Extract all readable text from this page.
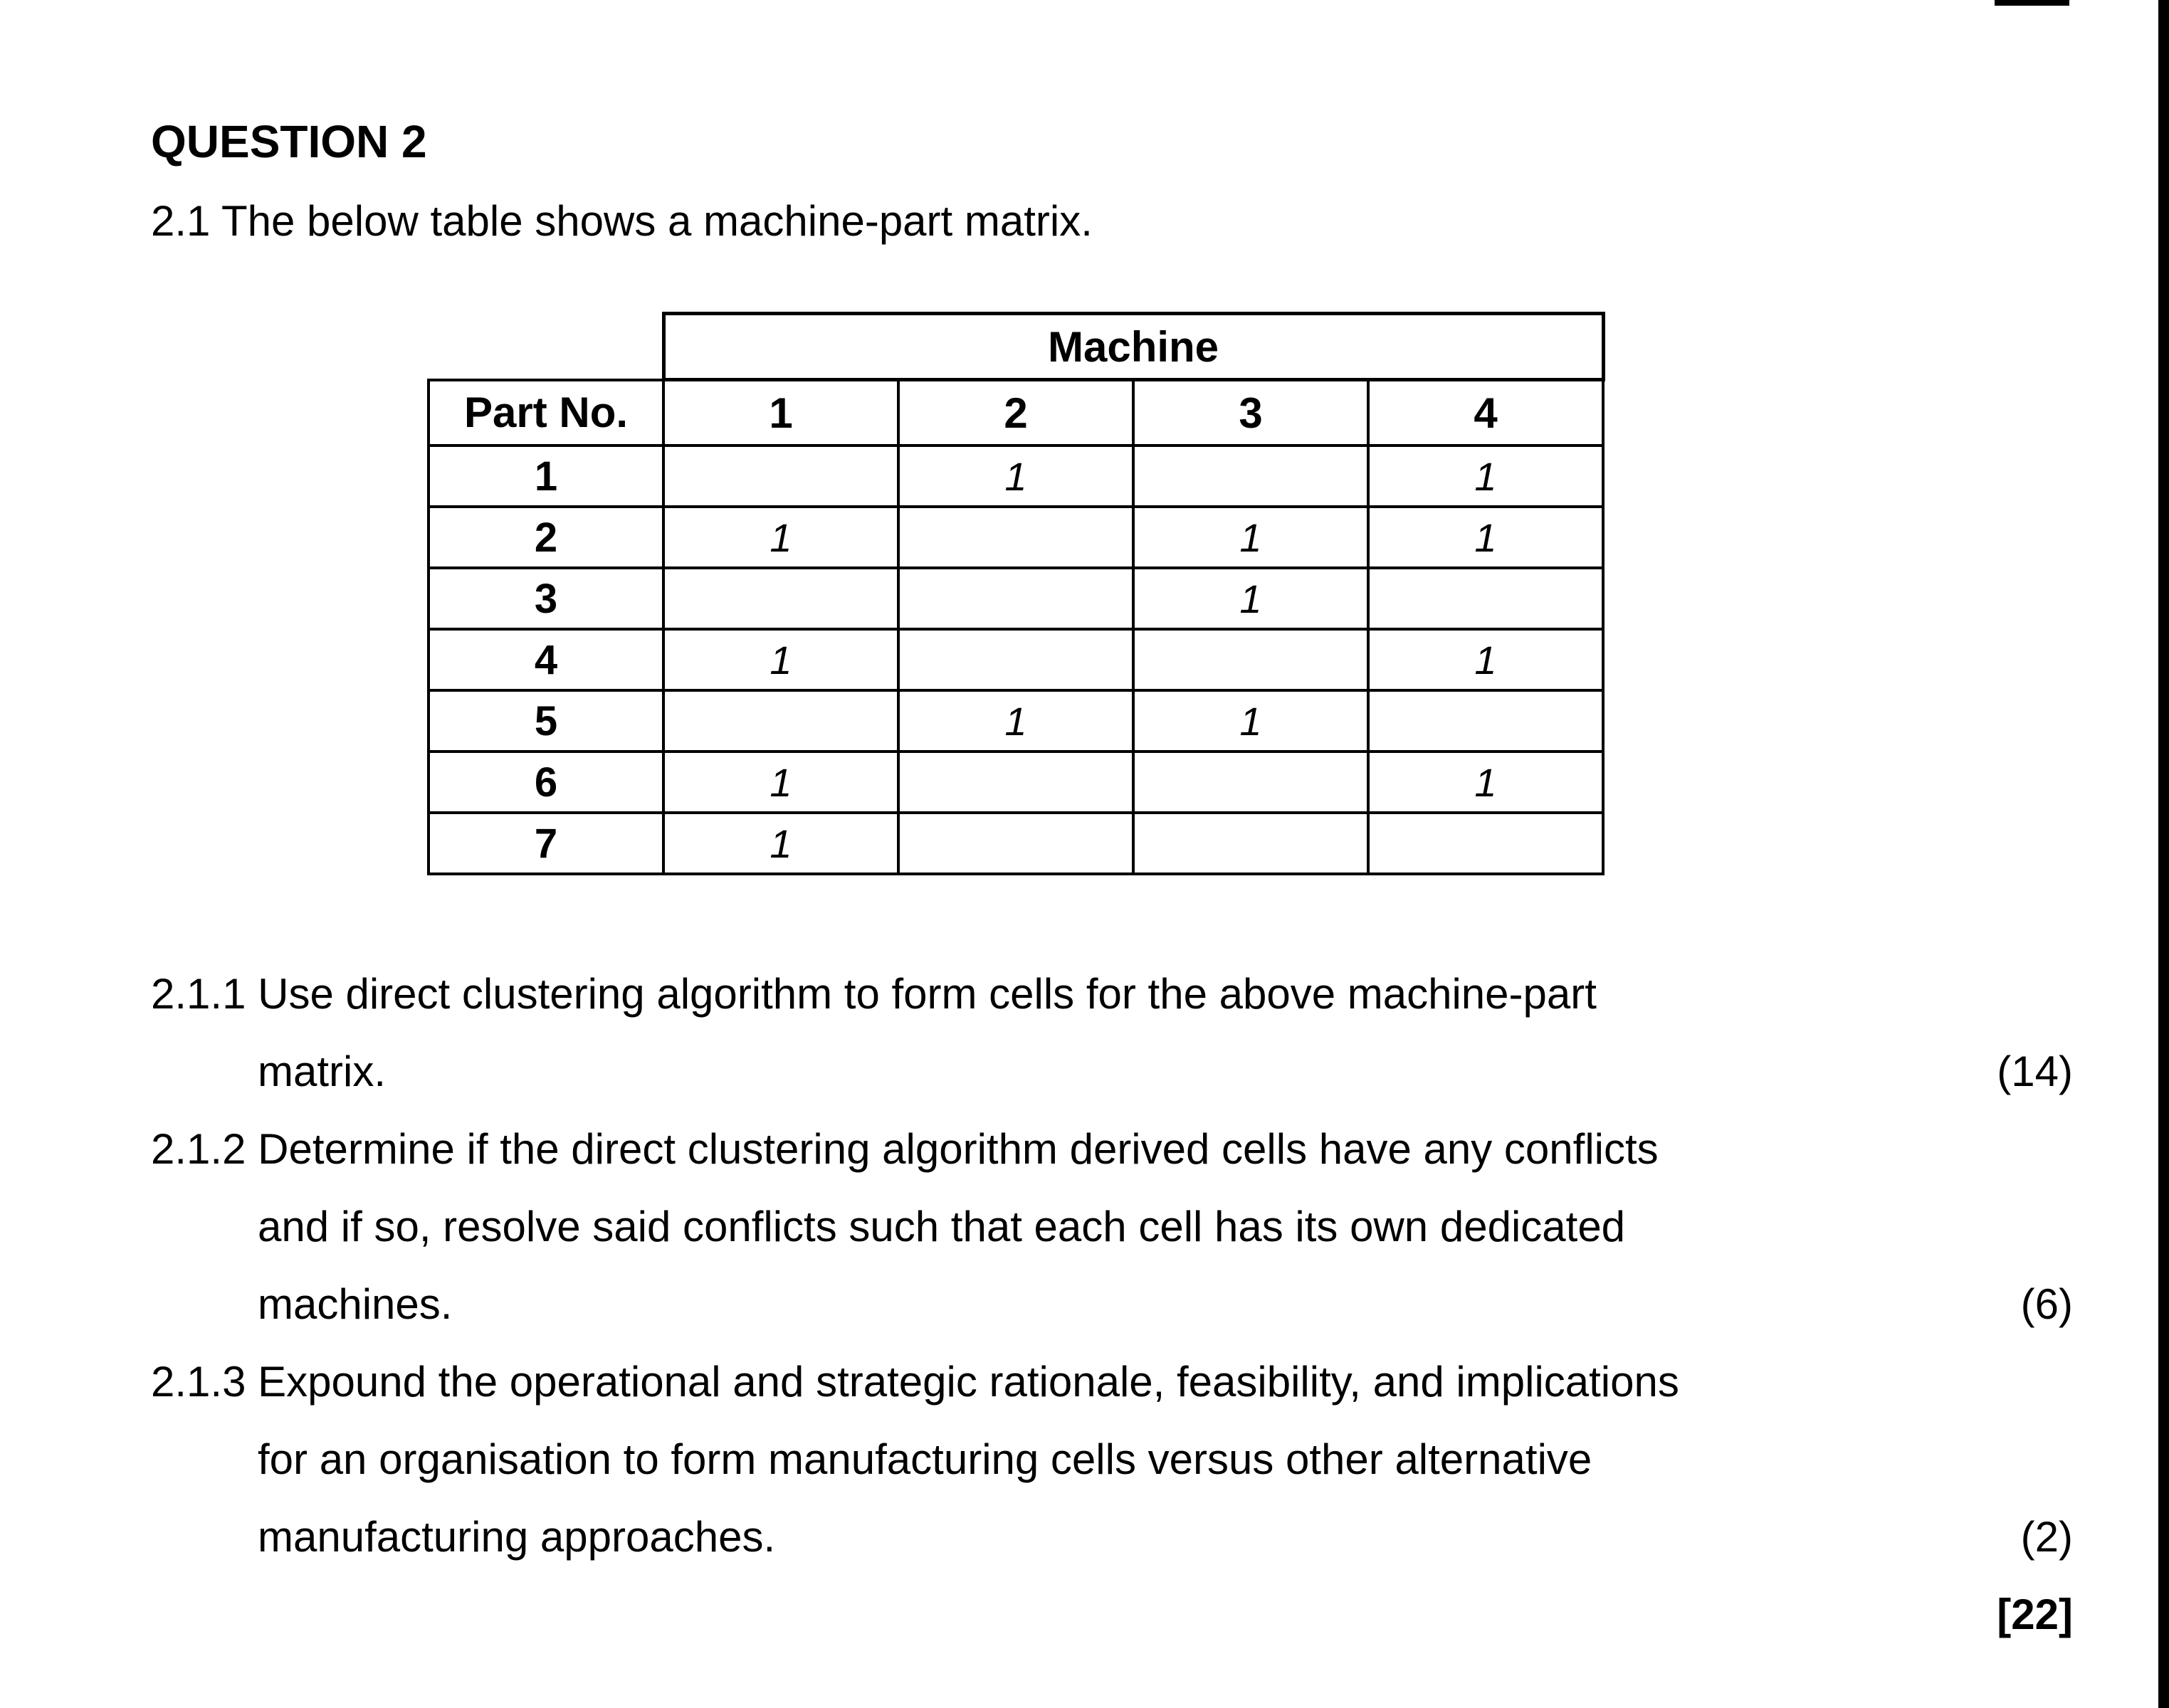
QUESTION 2
2.1 The below table shows a machine-part matrix.
	Machine			
Part No.	1	2	3	4
1		1		1
2	1		1	1
3			1	
4	1			1
5		1	1	
6	1			1
7	1			
2.1.1 Use direct clustering algorithm to form cells for the above machine-part
matrix.	(14)
2.1.2 Determine if the direct clustering algorithm derived cells have any conflicts
and if so, resolve said conflicts such that each cell has its own dedicated
machines.	(6)
2.1.3 Expound the operational and strategic rationale, feasibility, and implications
for an organisation to form manufacturing cells versus other alternative
manufacturing approaches.	(2)
[22]
